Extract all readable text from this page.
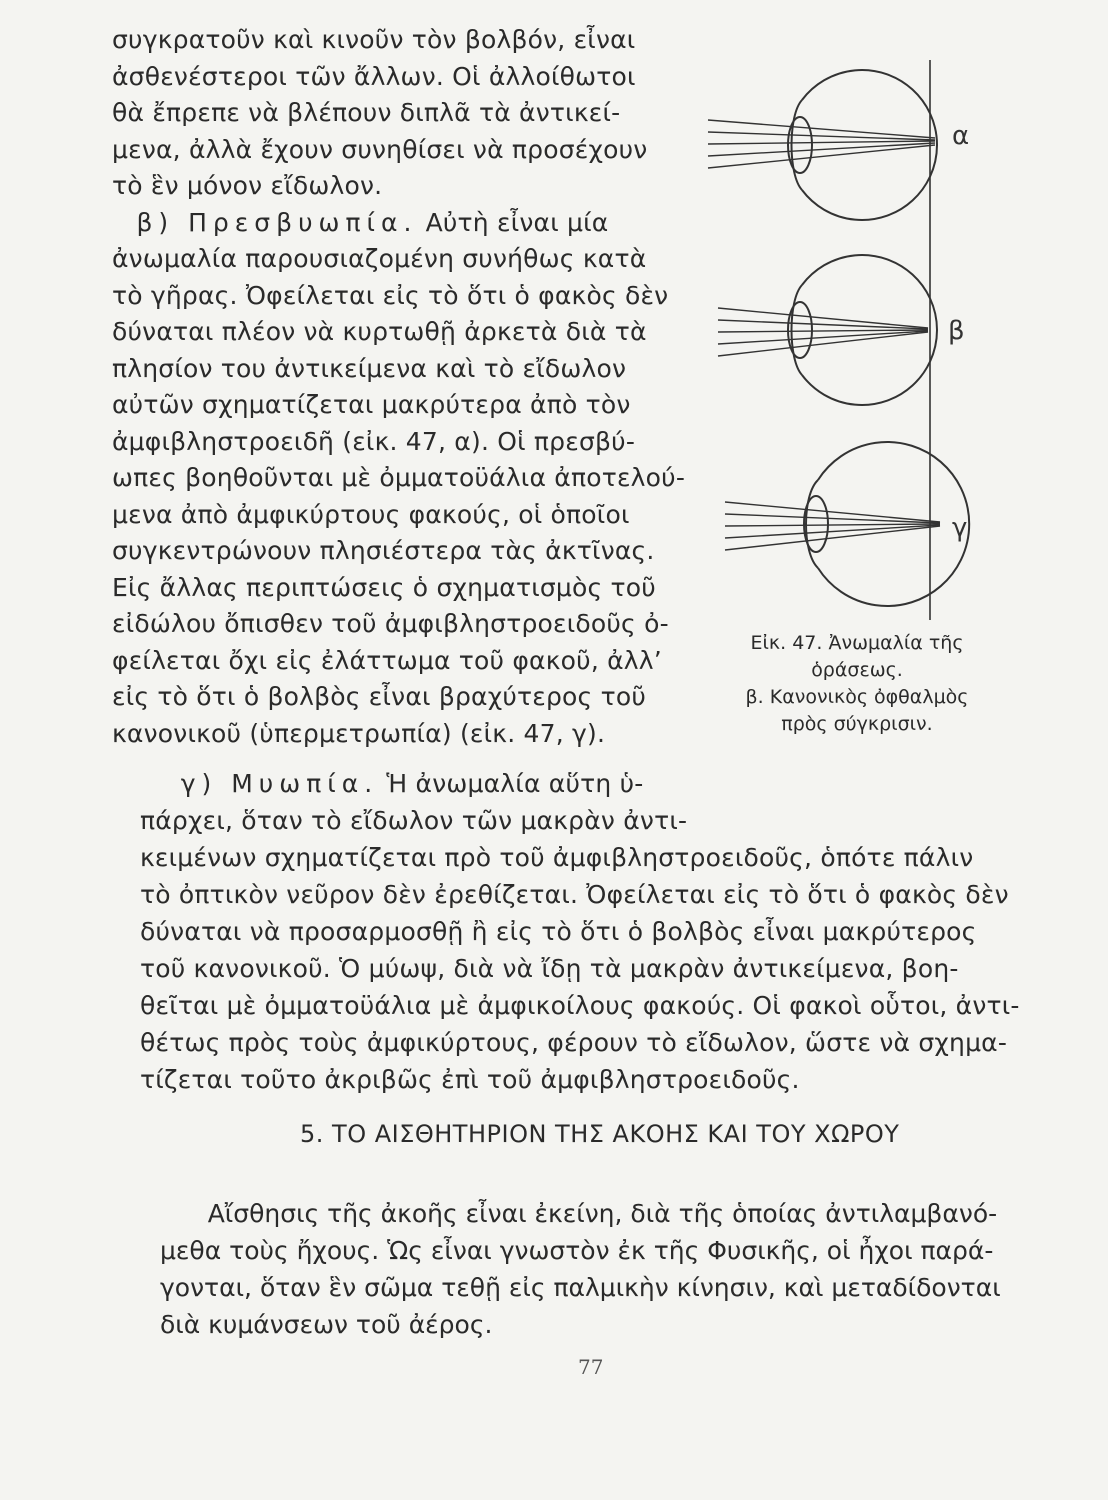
συγκρατοῦν καὶ κινοῦν τὸν βολβόν, εἶναι
ἀσθενέστεροι τῶν ἄλλων. Οἱ ἀλλοίθωτοι
θὰ ἔπρεπε νὰ βλέπουν διπλᾶ τὰ ἀντικεί-
μενα, ἀλλὰ ἔχουν συνηθίσει νὰ προσέχουν
τὸ ἓν μόνον εἴδωλον.
β) Πρεσβυωπία. Αὐτὴ εἶναι μία
ἀνωμαλία παρουσιαζομένη συνήθως κατὰ
τὸ γῆρας. Ὀφείλεται εἰς τὸ ὅτι ὁ φακὸς δὲν
δύναται πλέον νὰ κυρτωθῇ ἀρκετὰ διὰ τὰ
πλησίον του ἀντικείμενα καὶ τὸ εἴδωλον
αὐτῶν σχηματίζεται μακρύτερα ἀπὸ τὸν
ἀμφιβληστροειδῆ (εἰκ. 47, α). Οἱ πρεσβύ-
ωπες βοηθοῦνται μὲ ὀμματοϋάλια ἀποτελού-
μενα ἀπὸ ἀμφικύρτους φακούς, οἱ ὁποῖοι
συγκεντρώνουν πλησιέστερα τὰς ἀκτῖνας.
Εἰς ἄλλας περιπτώσεις ὁ σχηματισμὸς τοῦ
εἰδώλου ὄπισθεν τοῦ ἀμφιβληστροειδοῦς ὀ-
φείλεται ὄχι εἰς ἐλάττωμα τοῦ φακοῦ, ἀλλ’
εἰς τὸ ὅτι ὁ βολβὸς εἶναι βραχύτερος τοῦ
κανονικοῦ (ὑπερμετρωπία) (εἰκ. 47, γ).
α
β
γ
Εἰκ. 47. Ἀνωμαλία τῆς
ὁράσεως.
β. Κανονικὸς ὀφθαλμὸς
πρὸς σύγκρισιν.
γ) Μυωπία. Ἡ ἀνωμαλία αὕτη ὑ-
πάρχει, ὅταν τὸ εἴδωλον τῶν μακρὰν ἀντι-
κειμένων σχηματίζεται πρὸ τοῦ ἀμφιβληστροειδοῦς, ὁπότε πάλιν
τὸ ὀπτικὸν νεῦρον δὲν ἐρεθίζεται. Ὀφείλεται εἰς τὸ ὅτι ὁ φακὸς δὲν
δύναται νὰ προσαρμοσθῇ ἢ εἰς τὸ ὅτι ὁ βολβὸς εἶναι μακρύτερος
τοῦ κανονικοῦ. Ὁ μύωψ, διὰ νὰ ἴδῃ τὰ μακρὰν ἀντικείμενα, βοη-
θεῖται μὲ ὀμματοϋάλια μὲ ἀμφικοίλους φακούς. Οἱ φακοὶ οὗτοι, ἀντι-
θέτως πρὸς τοὺς ἀμφικύρτους, φέρουν τὸ εἴδωλον, ὥστε νὰ σχημα-
τίζεται τοῦτο ἀκριβῶς ἐπὶ τοῦ ἀμφιβληστροειδοῦς.
5. ΤΟ ΑΙΣΘΗΤΗΡΙΟΝ ΤΗΣ ΑΚΟΗΣ ΚΑΙ ΤΟΥ ΧΩΡΟΥ
Αἴσθησις τῆς ἀκοῆς εἶναι ἐκείνη, διὰ τῆς ὁποίας ἀντιλαμβανό-
μεθα τοὺς ἤχους. Ὡς εἶναι γνωστὸν ἐκ τῆς Φυσικῆς, οἱ ἦχοι παρά-
γονται, ὅταν ἓν σῶμα τεθῇ εἰς παλμικὴν κίνησιν, καὶ μεταδίδονται
διὰ κυμάνσεων τοῦ ἀέρος.
77
